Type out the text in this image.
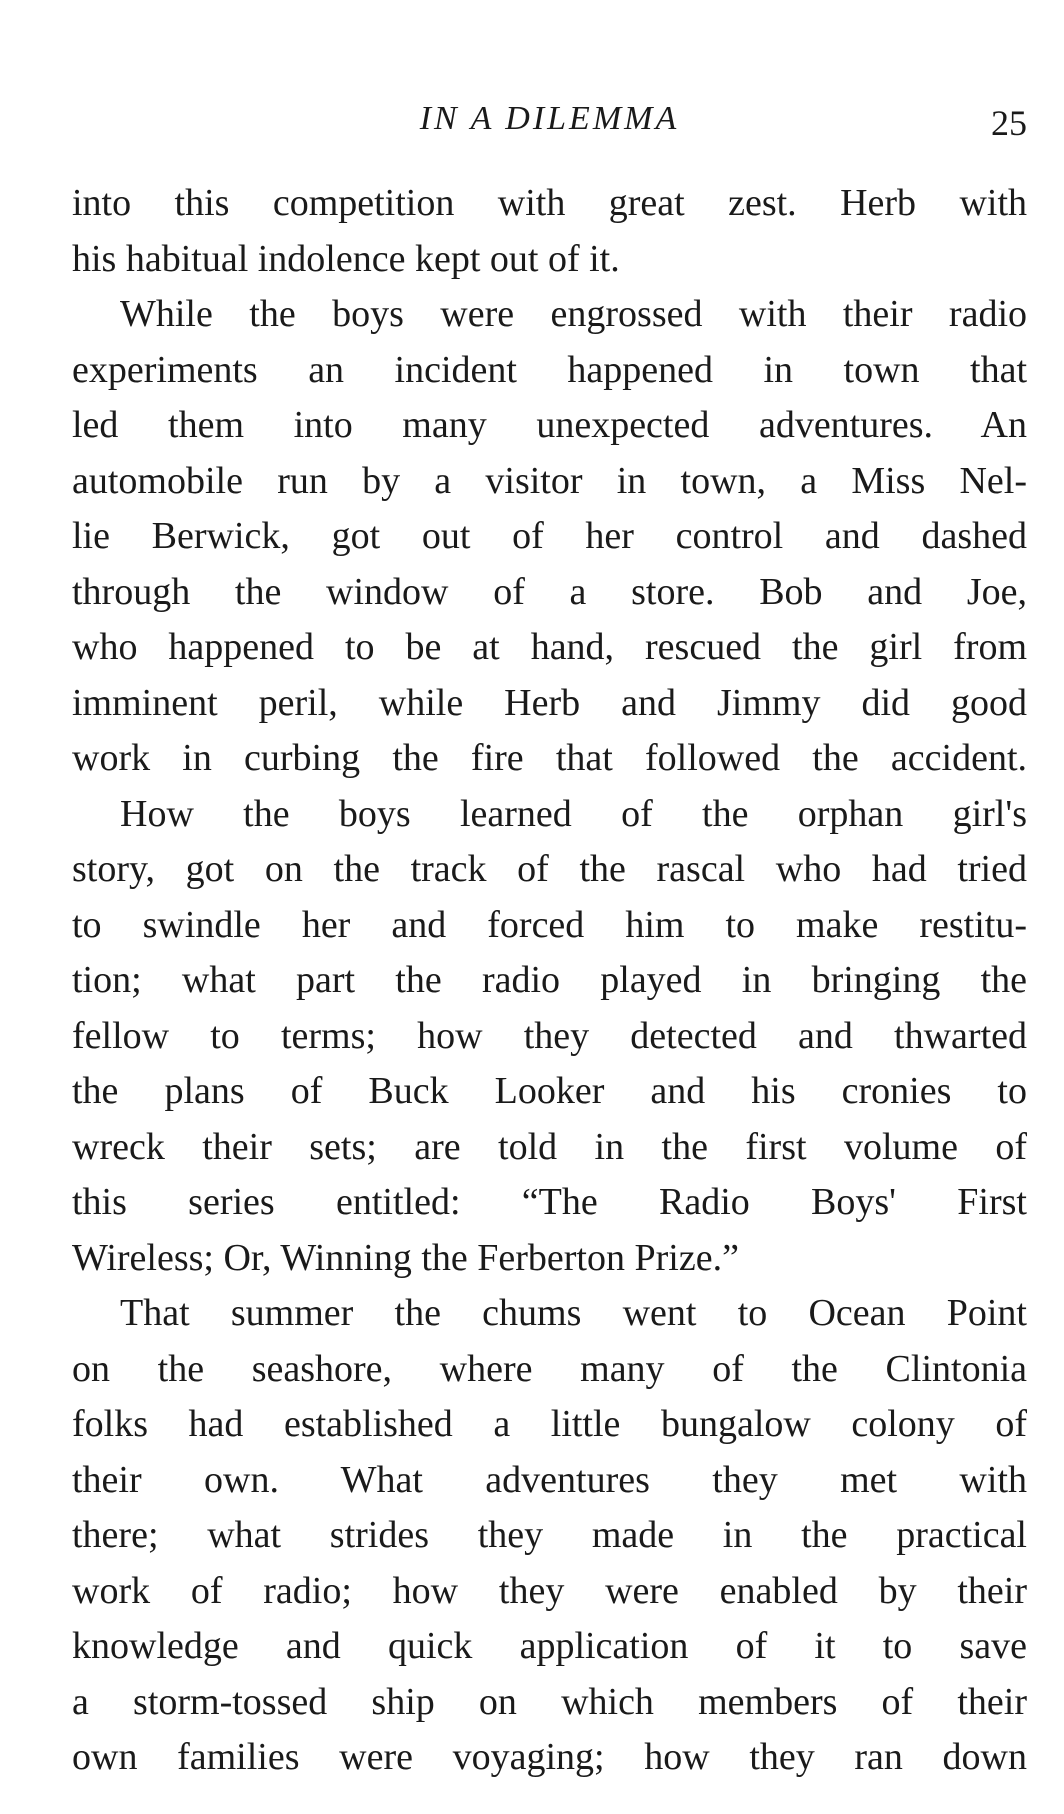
IN A DILEMMA	25

into this competition with great zest. Herb with
his habitual indolence kept out of it.

While the boys were engrossed with their radio
experiments an incident happened in town that
led them into many unexpected adventures. An
automobile run by a visitor in town, a Miss Nel-
lie Berwick, got out of her control and dashed
through the window of a store. Bob and Joe,
who happened to be at hand, rescued the girl from
imminent peril, while Herb and Jimmy did good
work in curbing the fire that followed the accident.

How the boys learned of the orphan girl's
story, got on the track of the rascal who had tried
to swindle her and forced him to make restitu-
tion; what part the radio played in bringing the
fellow to terms; how they detected and thwarted
the plans of Buck Looker and his cronies to
wreck their sets; are told in the first volume of
this series entitled: “The Radio Boys' First
Wireless; Or, Winning the Ferberton Prize.”

That summer the chums went to Ocean Point
on the seashore, where many of the Clintonia
folks had established a little bungalow colony of
their own. What adventures they met with
there; what strides they made in the practical
work of radio; how they were enabled by their
knowledge and quick application of it to save
a storm-tossed ship on which members of their
own families were voyaging; how they ran down
